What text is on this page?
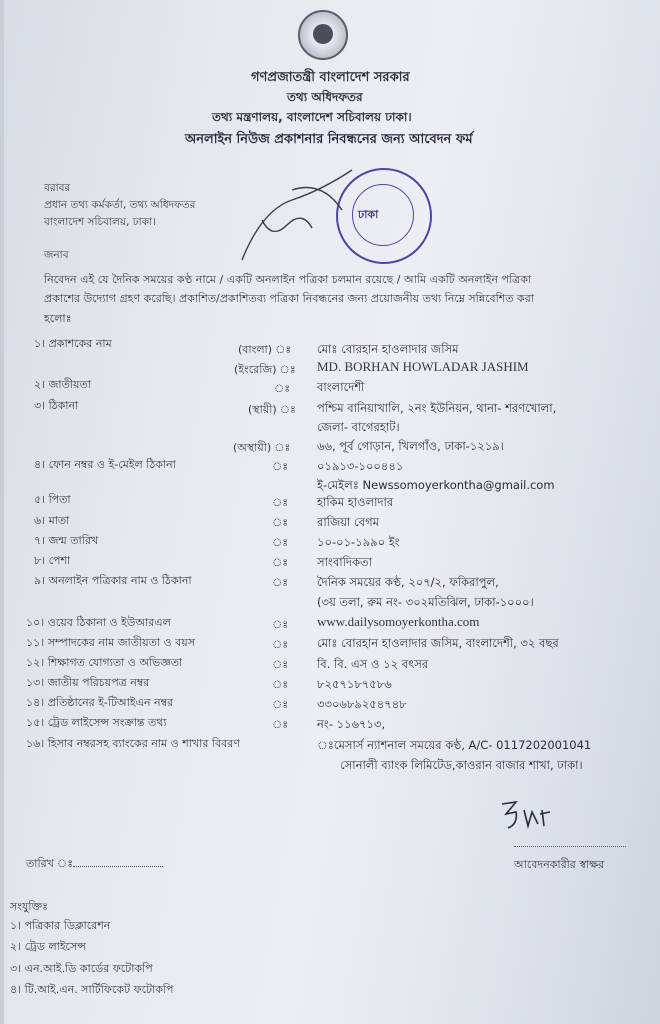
গণপ্রজাতন্ত্রী বাংলাদেশ সরকার
তথ্য অধিদফতর
তথ্য মন্ত্রণালয়, বাংলাদেশ সচিবালয় ঢাকা।
অনলাইন নিউজ প্রকাশনার নিবন্ধনের জন্য আবেদন ফর্ম
বরাবর
প্রধান তথ্য কর্মকর্তা, তথ্য অধিদফতর
বাংলাদেশ সচিবালয়, ঢাকা।
জনাব
নিবেদন এই যে দৈনিক সময়ের কণ্ঠ নামে / একটি অনলাইন পত্রিকা চলমান রয়েছে / আমি একটি অনলাইন পত্রিকা
প্রকাশের উদ্যোগ গ্রহণ করেছি। প্রকাশিত/প্রকাশিতব্য পত্রিকা নিবন্ধনের জন্য প্রয়োজনীয় তথ্য নিম্নে সন্নিবেশিত করা
হলোঃ
১। প্রকাশকের নাম	(বাংলা) ঃ মোঃ বোরহান হাওলাদার জসিম
(ইংরেজি) ঃ MD. BORHAN HOWLADAR JASHIM
২। জাতীয়তা	ঃ বাংলাদেশী
৩। ঠিকানা	(স্থায়ী) ঃ পশ্চিম বানিয়াখালি, ২নং ইউনিয়ন, থানা- শরণখোলা,
জেলা- বাগেরহাট।
(অস্থায়ী) ঃ ৬৬, পূর্ব গোড়ান, খিলগাঁও, ঢাকা-১২১৯।
৪। ফোন নম্বর ও ই-মেইল ঠিকানা	ঃ	০১৯১৩-১০০৪৪১
ই-মেইলঃ Newssomoyerkontha@gmail.com
৫। পিতা	ঃ	হাকিম হাওলাদার
৬। মাতা	ঃ	রাজিয়া বেগম
৭। জন্ম তারিখ	ঃ	১০-০১-১৯৯০ ইং
৮। পেশা	ঃ	সাংবাদিকতা
৯। অনলাইন পত্রিকার নাম ও ঠিকানা	ঃ	দৈনিক সময়ের কণ্ঠ, ২০৭/২, ফকিরাপুল,
(৩য় তলা, রুম নং- ৩০২মতিঝিল, ঢাকা-১০০০।
১০। ওয়েব ঠিকানা ও ইউআরএল	ঃ www.dailysomoyerkontha.com
১১। সম্পাদকের নাম জাতীয়তা ও বয়স	ঃ	মোঃ বোরহান হাওলাদার জসিম, বাংলাদেশী, ৩২ বছর
১২। শিক্ষাগত যোগ্যতা ও অভিজ্ঞতা	ঃ	বি. বি. এস ও ১২ বৎসর
১৩। জাতীয় পরিচয়পত্র নম্বর	ঃ	৮২৫৭১৮৭৫৮৬
১৪। প্রতিষ্ঠানের ই-টিআইএন নম্বর	ঃ	৩৩০৬৮৯২৫৪৭৪৮
১৫। ট্রেড লাইসেন্স সংক্রান্ত তথ্য	ঃ	নং- ১১৬৭১৩,
১৬। হিসাব নম্বরসহ ব্যাংকের নাম ও শাখার বিবরণ	ঃমেসার্স ন্যাশনাল সময়ের কণ্ঠ, A/C- 0117202001041
সোনালী ব্যাংক লিমিটেড,কাওরান বাজার শাখা, ঢাকা।
আবেদনকারীর স্বাক্ষর
তারিখ ঃ
সংযুক্তিঃ
১। পত্রিকার ডিক্লারেশন
২। ট্রেড লাইসেন্স
৩। এন.আই.ডি কার্ডের ফটোকপি
৪। টি.আই.এন. সার্টিফিকেট ফটোকপি
ঢাকা
